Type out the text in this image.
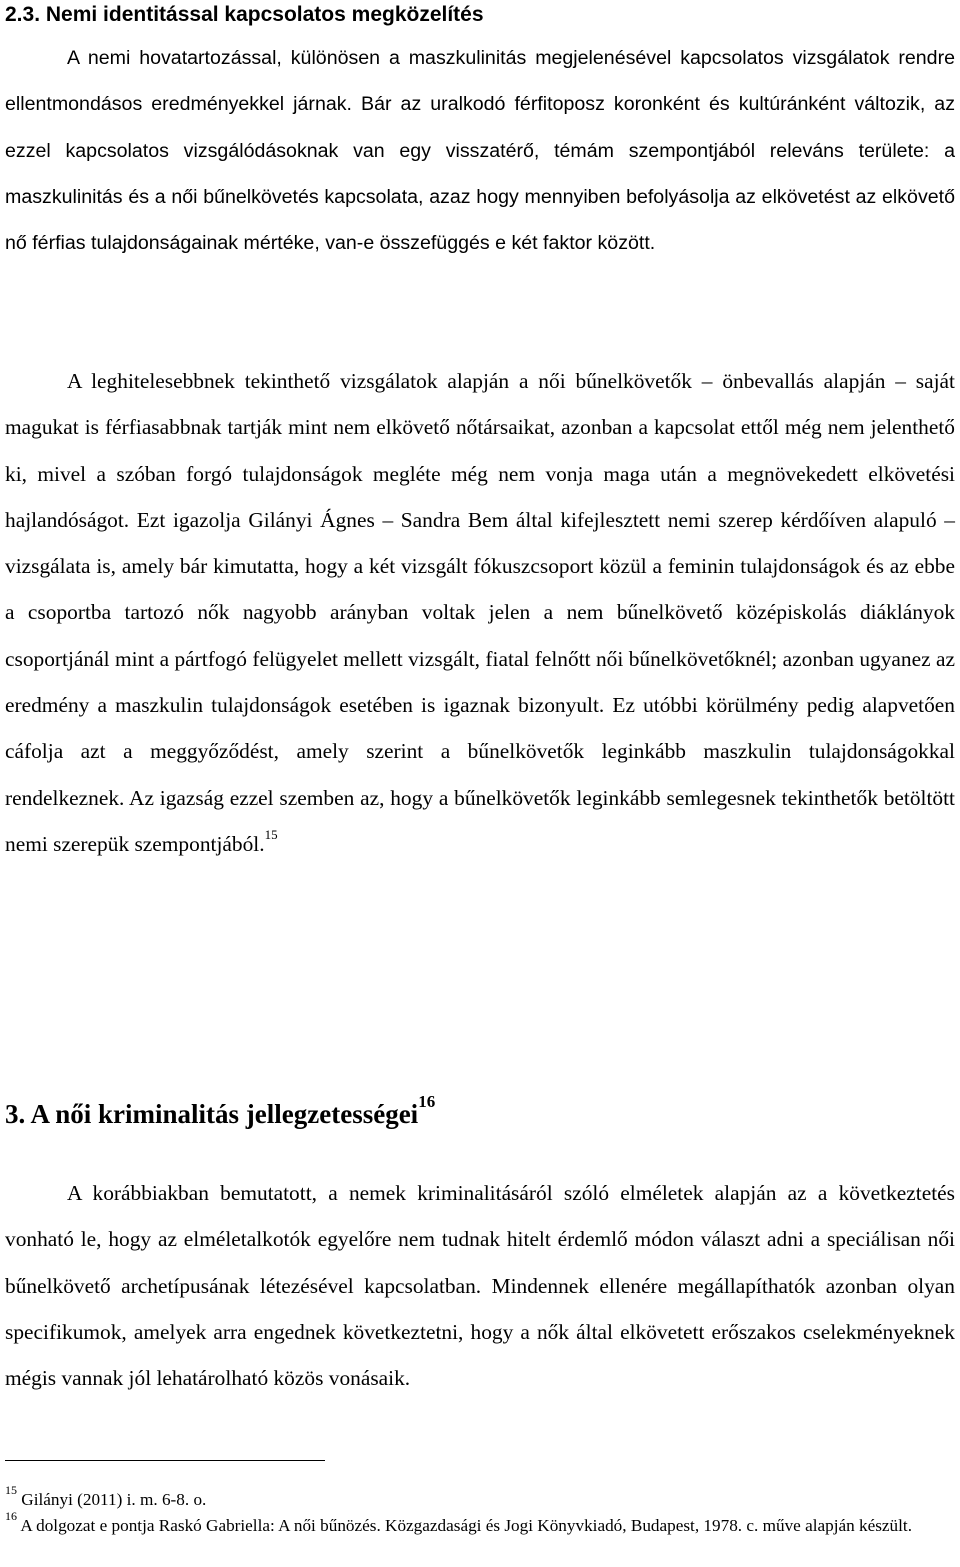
2.3. Nemi identitással kapcsolatos megközelítés

A nemi hovatartozással, különösen a maszkulinitás megjelenésével kapcsolatos vizsgálatok rendre ellentmondásos eredményekkel járnak. Bár az uralkodó férfitoposz koronként és kultúránként változik, az ezzel kapcsolatos vizsgálódásoknak van egy visszatérő, témám szempontjából releváns területe: a maszkulinitás és a női bűnelkövetés kapcsolata, azaz hogy mennyiben befolyásolja az elkövetést az elkövető nő férfias tulajdonságainak mértéke, van-e összefüggés e két faktor között.

A leghitelesebbnek tekinthető vizsgálatok alapján a női bűnelkövetők – önbevallás alapján – saját magukat is férfiasabbnak tartják mint nem elkövető nőtársaikat, azonban a kapcsolat ettől még nem jelenthető ki, mivel a szóban forgó tulajdonságok megléte még nem vonja maga után a megnövekedett elkövetési hajlandóságot. Ezt igazolja Gilányi Ágnes – Sandra Bem által kifejlesztett nemi szerep kérdőíven alapuló – vizsgálata is, amely bár kimutatta, hogy a két vizsgált fókuszcsoport közül a feminin tulajdonságok és az ebbe a csoportba tartozó nők nagyobb arányban voltak jelen a nem bűnelkövető középiskolás diáklányok csoportjánál mint a pártfogó felügyelet mellett vizsgált, fiatal felnőtt női bűnelkövetőknél; azonban ugyanez az eredmény a maszkulin tulajdonságok esetében is igaznak bizonyult. Ez utóbbi körülmény pedig alapvetően cáfolja azt a meggyőződést, amely szerint a bűnelkövetők leginkább maszkulin tulajdonságokkal rendelkeznek. Az igazság ezzel szemben az, hogy a bűnelkövetők leginkább semlegesnek tekinthetők betöltött nemi szerepük szempontjából.$^{15}$

3. A női kriminalitás jellegzetességei$^{16}$

A korábbiakban bemutatott, a nemek kriminalitásáról szóló elméletek alapján az a következtetés vonható le, hogy az elméletalkotók egyelőre nem tudnak hitelt érdemlő módon választ adni a speciálisan női bűnelkövető archetípusának létezésével kapcsolatban. Mindennek ellenére megállapíthatók azonban olyan specifikumok, amelyek arra engednek következtetni, hogy a nők által elkövetett erőszakos cselekményeknek mégis vannak jól lehatárolható közös vonásaik.

$^{15}$ Gilányi (2011) i. m. 6-8. o.

$^{16}$ A dolgozat e pontja Raskó Gabriella: A női bűnözés. Közgazdasági és Jogi Könyvkiadó, Budapest, 1978. c. műve alapján készült.
